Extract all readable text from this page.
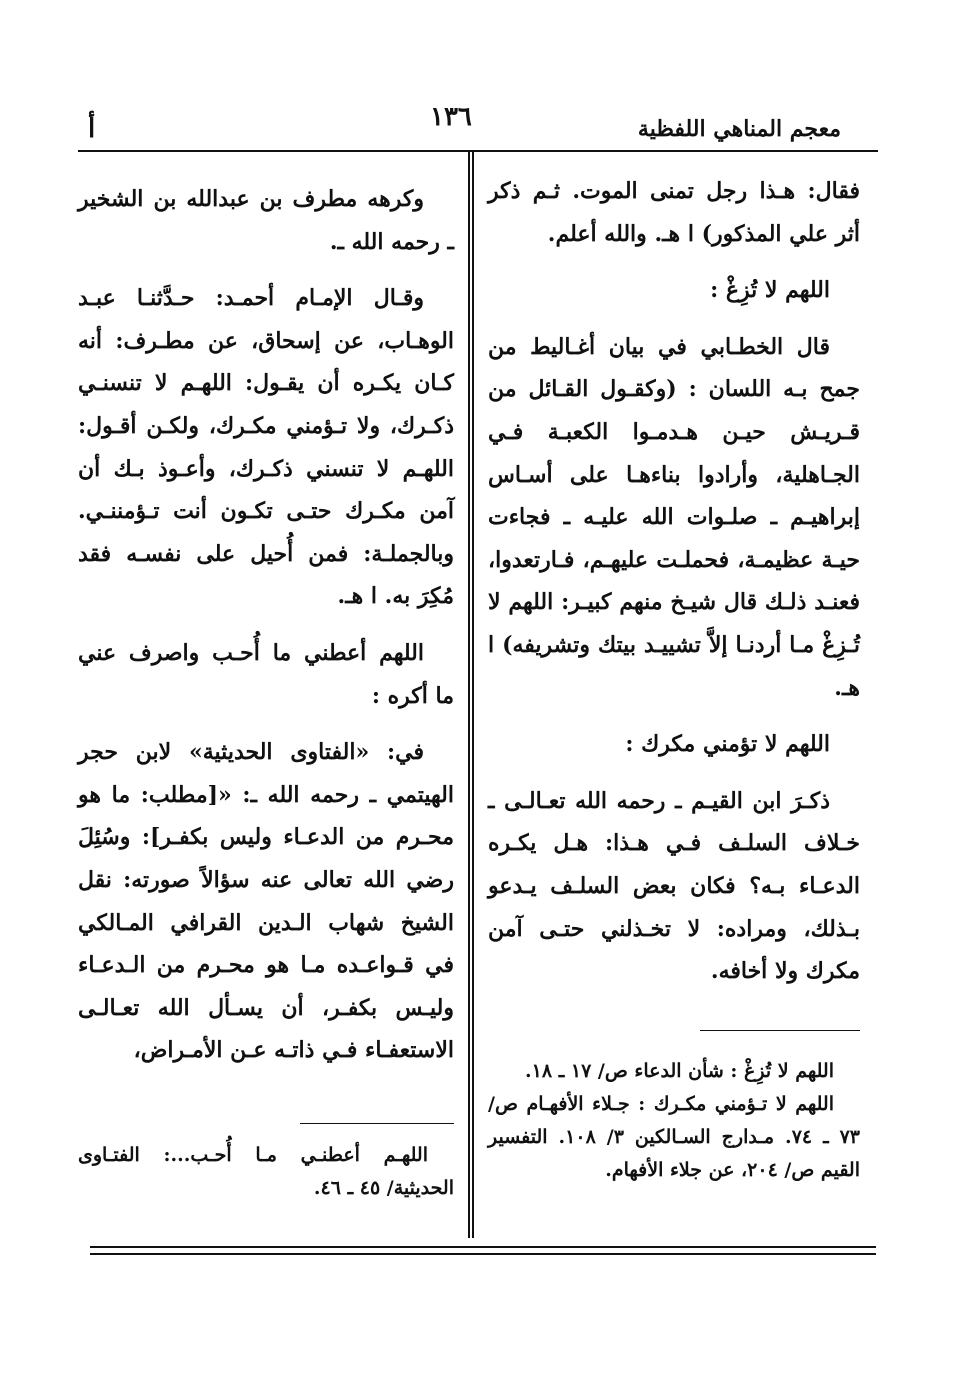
معجم المناهي اللفظية
١٣٦
أ

فقال: هـذا رجل تمنى الموت. ثـم ذكر أثر علي المذكور) ا هـ. والله أعلم.

اللهم لا تُزِغْ :

قال الخطـابي في بيان أغـاليط من جمح بـه اللسان : (وكقـول القـائل من قـريـش حيـن هـدمـوا الكعبـة فـي الجـاهلية، وأرادوا بناءهـا على أسـاس إبراهيـم ـ صلـوات الله عليـه ـ فجاءت حيـة عظيمـة، فحملـت عليهـم، فـارتعدوا، فعنـد ذلـك قال شيـخ منهم كبيـر: اللهم لا تُـزِغْ مـا أردنـا إلاَّ تشييـد بيتك وتشريفه) ا هـ.

اللهم لا تؤمني مكرك :

ذكـرَ ابن القيـم ـ رحمه الله تعـالـى ـ خـلاف السلـف فـي هـذا: هـل يكـره الدعـاء بـه؟ فكان بعض السلـف يـدعو بـذلك، ومراده: لا تخـذلني حتـى آمن مكرك ولا أخافه.

وكرهه مطرف بن عبدالله بن الشخير ـ رحمه الله ـ.

وقـال الإمـام أحمـد: حـدَّثنـا عبـد الوهـاب، عن إسحاق، عن مطـرف: أنه كـان يكـره أن يقـول: اللهـم لا تنسنـي ذكـرك، ولا تـؤمني مكـرك، ولكـن أقـول: اللهـم لا تنسني ذكـرك، وأعـوذ بـك أن آمن مكـرك حتـى تكـون أنت تـؤمننـي. وبالجملـة: فمن أُحيل على نفسـه فقد مُكِرَ به. ا هـ.

اللهم أعطني ما أُحـب واصرف عني ما أكره :

في: «الفتاوى الحديثية» لابن حجر الهيتمي ـ رحمه الله ـ: «[مطلب: ما هو محـرم من الدعـاء وليس بكفـر]: وسُئِلَ رضي الله تعالى عنه سؤالاً صورته: نقل الشيخ شهاب الـدين القرافي المـالكي في قـواعـده مـا هو محـرم من الـدعـاء وليـس بكفـر، أن يسـأل الله تعـالـى الاستعفـاء فـي ذاتـه عـن الأمـراض،

اللهم لا تُزِغْ : شأن الدعاء ص/ ١٧ ـ ١٨.

اللهم لا تـؤمني مكـرك : جـلاء الأفهـام ص/ ٧٣ ـ ٧٤. مـدارج السـالكين ٣/ ١٠٨. التفسير القيم ص/ ٢٠٤، عن جلاء الأفهام.

اللهـم أعطنـي مـا أُحـب...: الفتـاوى الحديثية/ ٤٥ ـ ٤٦.
